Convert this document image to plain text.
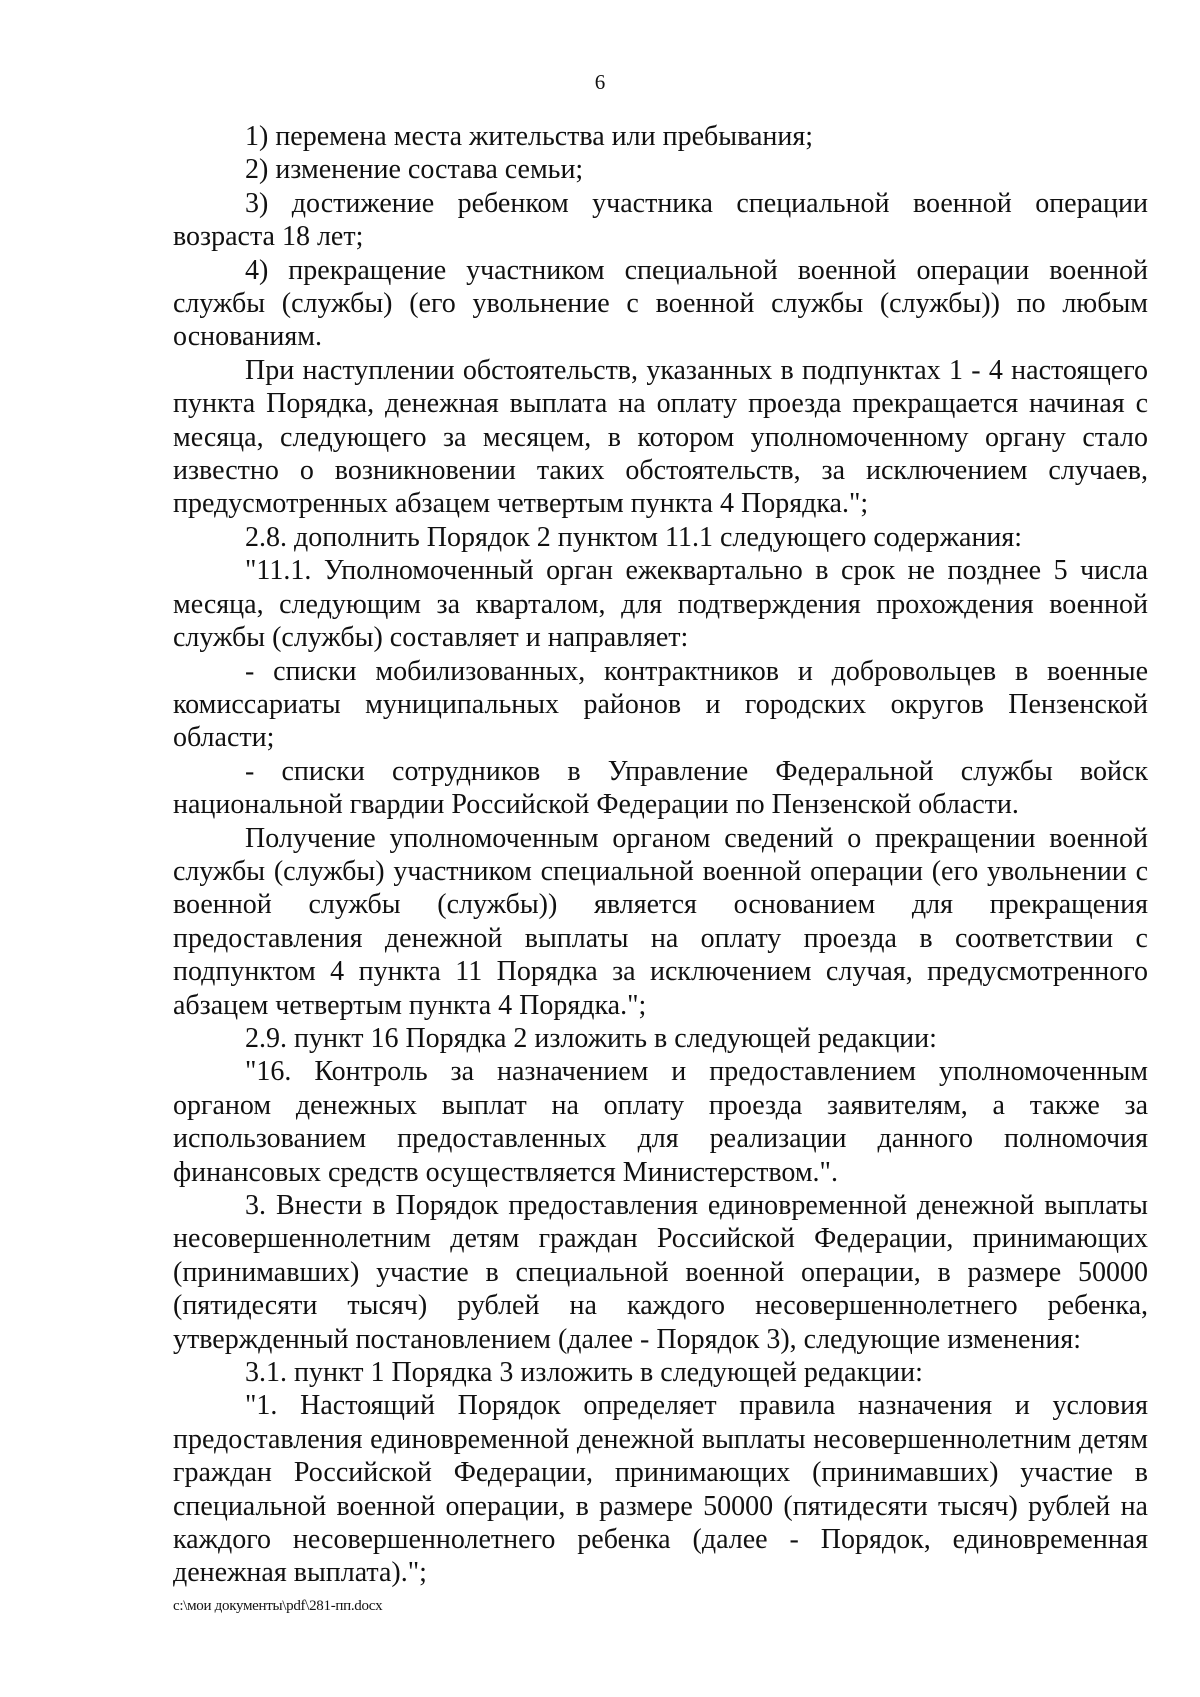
6

1) перемена места жительства или пребывания;

2) изменение состава семьи;

3) достижение ребенком участника специальной военной операции возраста 18 лет;

4) прекращение участником специальной военной операции военной службы (службы) (его увольнение с военной службы (службы)) по любым основаниям.

При наступлении обстоятельств, указанных в подпунктах 1 - 4 настоящего пункта Порядка, денежная выплата на оплату проезда прекращается начиная с месяца, следующего за месяцем, в котором уполномоченному органу стало известно о возникновении таких обстоятельств, за исключением случаев, предусмотренных абзацем четвертым пункта 4 Порядка.";

2.8. дополнить Порядок 2 пунктом 11.1 следующего содержания:

"11.1. Уполномоченный орган ежеквартально в срок не позднее 5 числа месяца, следующим за кварталом, для подтверждения прохождения военной службы (службы) составляет и направляет:

- списки мобилизованных, контрактников и добровольцев в военные комиссариаты муниципальных районов и городских округов Пензенской области;

- списки сотрудников в Управление Федеральной службы войск национальной гвардии Российской Федерации по Пензенской области.

Получение уполномоченным органом сведений о прекращении военной службы (службы) участником специальной военной операции (его увольнении с военной службы (службы)) является основанием для прекращения предоставления денежной выплаты на оплату проезда в соответствии с подпунктом 4 пункта 11 Порядка за исключением случая, предусмотренного абзацем четвертым пункта 4 Порядка.";

2.9. пункт 16 Порядка 2 изложить в следующей редакции:

"16. Контроль за назначением и предоставлением уполномоченным органом денежных выплат на оплату проезда заявителям, а также за использованием предоставленных для реализации данного полномочия финансовых средств осуществляется Министерством.".

3. Внести в Порядок предоставления единовременной денежной выплаты несовершеннолетним детям граждан Российской Федерации, принимающих (принимавших) участие в специальной военной операции, в размере 50000 (пятидесяти тысяч) рублей на каждого несовершеннолетнего ребенка, утвержденный постановлением (далее - Порядок 3), следующие изменения:

3.1. пункт 1 Порядка 3 изложить в следующей редакции:

"1. Настоящий Порядок определяет правила назначения и условия предоставления единовременной денежной выплаты несовершеннолетним детям граждан Российской Федерации, принимающих (принимавших) участие в специальной военной операции, в размере 50000 (пятидесяти тысяч) рублей на каждого несовершеннолетнего ребенка (далее - Порядок, единовременная денежная выплата).";

c:\мои документы\pdf\281-пп.docx
